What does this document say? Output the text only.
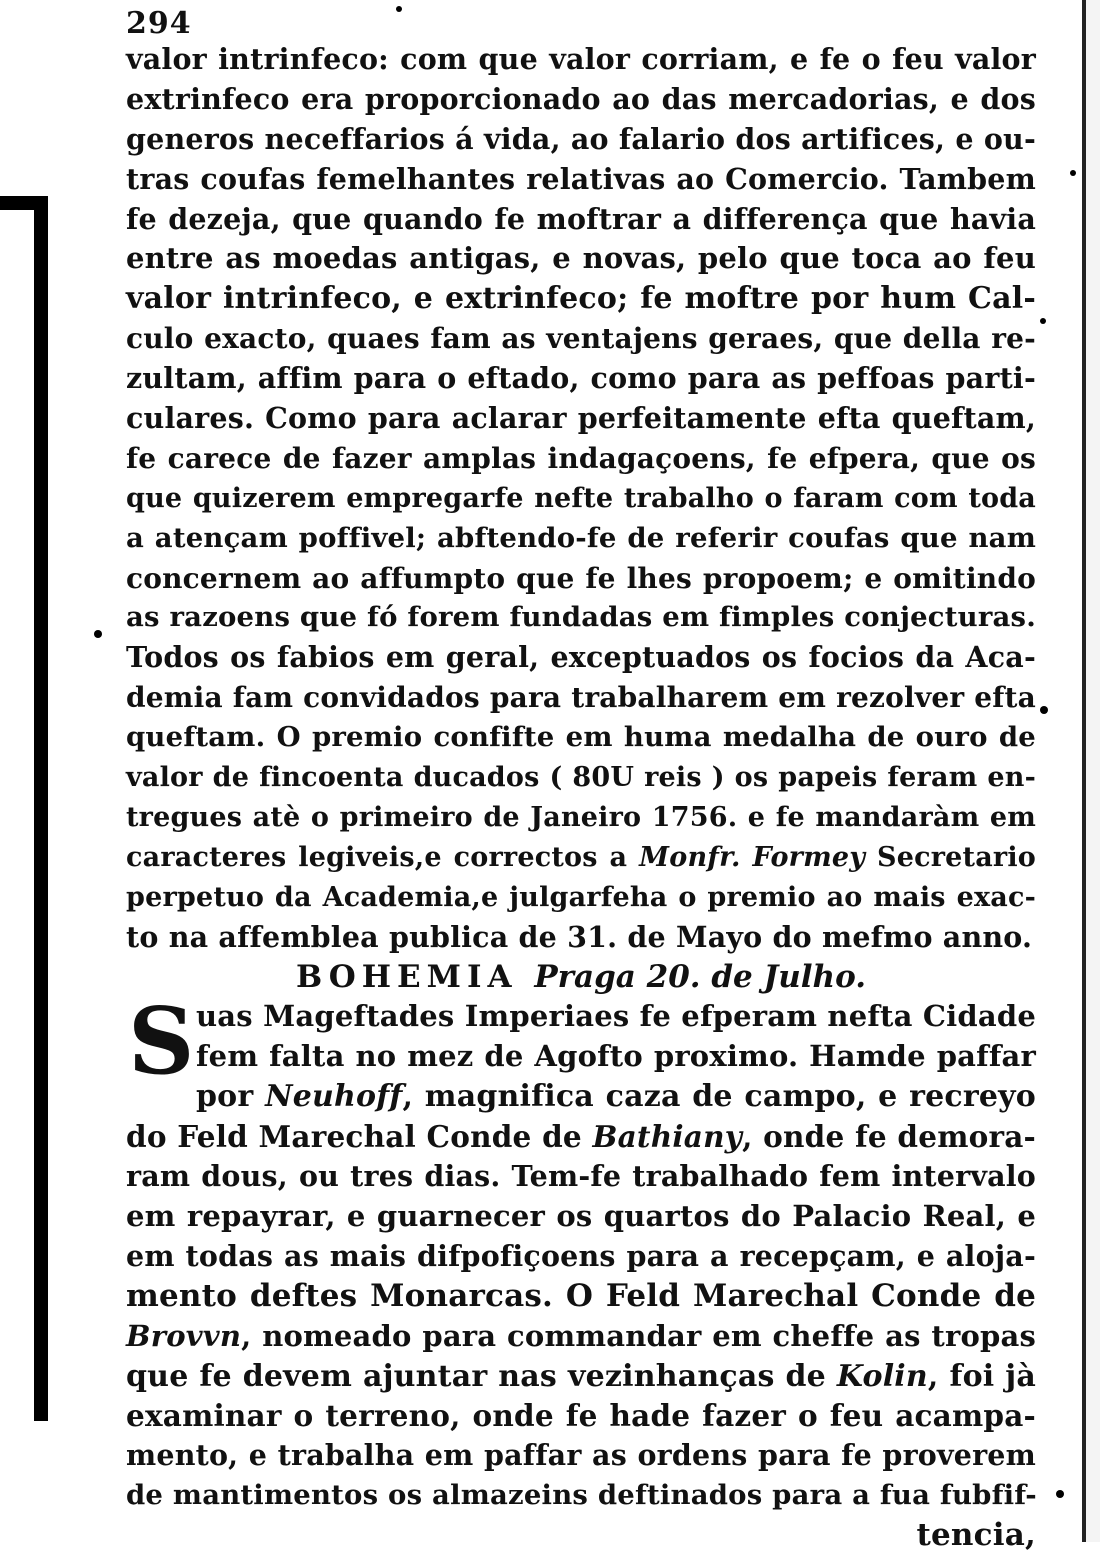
294
valor intrinfeco: com que valor corriam, e fe o feu valor
extrinfeco era proporcionado ao das mercadorias, e dos
generos neceffarios á vida, ao falario dos artifices, e ou-
tras coufas femelhantes relativas ao Comercio. Tambem
fe dezeja, que quando fe moftrar a differença que havia
entre as moedas antigas, e novas, pelo que toca ao feu
valor intrinfeco, e extrinfeco; fe moftre por hum Cal-
culo exacto, quaes fam as ventajens geraes, que della re-
zultam, affim para o eftado, como para as peffoas parti-
culares. Como para aclarar perfeitamente efta queftam,
fe carece de fazer amplas indagaçoens, fe efpera, que os
que quizerem empregarfe nefte trabalho o faram com toda
a atençam poffivel; abftendo-fe de referir coufas que nam
concernem ao affumpto que fe lhes propoem; e omitindo
as razoens que fó forem fundadas em fimples conjecturas.
Todos os fabios em geral, exceptuados os focios da Aca-
demia fam convidados para trabalharem em rezolver efta
queftam. O premio confifte em huma medalha de ouro de
valor de fincoenta ducados ( 80U reis ) os papeis feram en-
tregues atè o primeiro de Janeiro 1756. e fe mandaràm em
caracteres legiveis,e correctos a Monfr. Formey Secretario
perpetuo da Academia,e julgarfeha o premio ao mais exac-
to na affemblea publica de 31. de Mayo do mefmo anno.
BOHEMIA Praga 20. de Julho.
S uas Mageftades Imperiaes fe efperam nefta Cidade
fem falta no mez de Agofto proximo. Hamde paffar
por Neuhoff, magnifica caza de campo, e recreyo
do Feld Marechal Conde de Bathiany, onde fe demora-
ram dous, ou tres dias. Tem-fe trabalhado fem intervalo
em repayrar, e guarnecer os quartos do Palacio Real, e
em todas as mais difpofiçoens para a recepçam, e aloja-
mento deftes Monarcas. O Feld Marechal Conde de
Brovvn, nomeado para commandar em cheffe as tropas
que fe devem ajuntar nas vezinhanças de Kolin, foi jà
examinar o terreno, onde fe hade fazer o feu acampa-
mento, e trabalha em paffar as ordens para fe proverem
de mantimentos os almazeins deftinados para a fua fubfif-
tencia,
